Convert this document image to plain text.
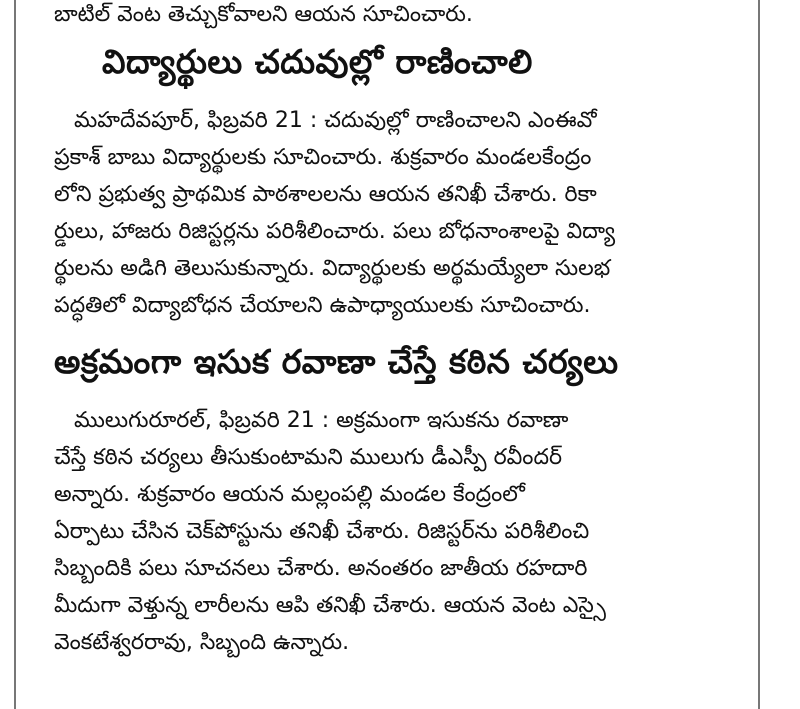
బాటిల్ వెంట తెచ్చుకోవాలని ఆయన సూచించారు.
విద్యార్థులు చదువుల్లో రాణించాలి
మహదేవపూర్, ఫిబ్రవరి 21 : చదువుల్లో రాణించాలని ఎంఈవో
ప్రకాశ్ బాబు విద్యార్థులకు సూచించారు. శుక్రవారం మండలకేంద్రం
లోని ప్రభుత్వ ప్రాథమిక పాఠశాలలను ఆయన తనిఖీ చేశారు. రికా
ర్డులు, హాజరు రిజిస్టర్లను పరిశీలించారు. పలు బోధనాంశాలపై విద్యా
ర్థులను అడిగి తెలుసుకున్నారు. విద్యార్థులకు అర్థమయ్యేలా సులభ
పద్ధతిలో విద్యాబోధన చేయాలని ఉపాధ్యాయులకు సూచించారు.
అక్రమంగా ఇసుక రవాణా చేస్తే కఠిన చర్యలు
ములుగురూరల్, ఫిబ్రవరి 21 : అక్రమంగా ఇసుకను రవాణా
చేస్తే కఠిన చర్యలు తీసుకుంటామని ములుగు డీఎస్పీ రవీందర్
అన్నారు. శుక్రవారం ఆయన మల్లంపల్లి మండల కేంద్రంలో
ఏర్పాటు చేసిన చెక్‌పోస్టును తనిఖీ చేశారు. రిజిస్టర్‌ను పరిశీలించి
సిబ్బందికి పలు సూచనలు చేశారు. అనంతరం జాతీయ రహదారి
మీదుగా వెళ్తున్న లారీలను ఆపి తనిఖీ చేశారు. ఆయన వెంట ఎస్సై
వెంకటేశ్వరరావు, సిబ్బంది ఉన్నారు.
